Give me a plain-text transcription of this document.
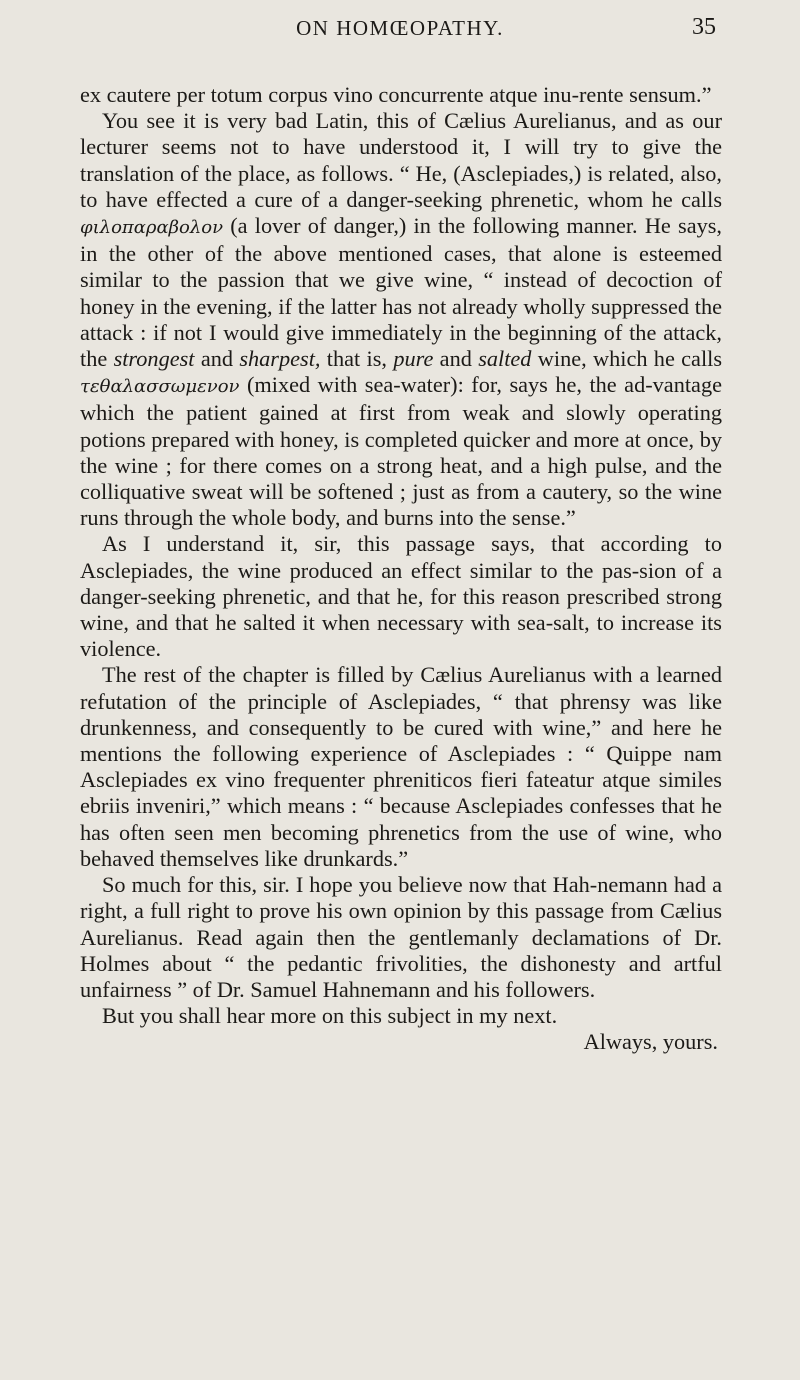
ON HOMŒOPATHY.	35

ex cautere per totum corpus vino concurrente atque inu-rente sensum.”

You see it is very bad Latin, this of Cælius Aurelianus, and as our lecturer seems not to have understood it, I will try to give the translation of the place, as follows. “ He, (Asclepiades,) is related, also, to have effected a cure of a danger-seeking phrenetic, whom he calls φιλοπαραβολον (a lover of danger,) in the following manner. He says, in the other of the above mentioned cases, that alone is esteemed similar to the passion that we give wine, “ instead of decoction of honey in the evening, if the latter has not already wholly suppressed the attack : if not I would give immediately in the beginning of the attack, the strongest and sharpest, that is, pure and salted wine, which he calls τεθαλασσωμενον (mixed with sea-water): for, says he, the ad-vantage which the patient gained at first from weak and slowly operating potions prepared with honey, is completed quicker and more at once, by the wine ; for there comes on a strong heat, and a high pulse, and the colliquative sweat will be softened ; just as from a cautery, so the wine runs through the whole body, and burns into the sense.”

As I understand it, sir, this passage says, that according to Asclepiades, the wine produced an effect similar to the pas-sion of a danger-seeking phrenetic, and that he, for this reason prescribed strong wine, and that he salted it when necessary with sea-salt, to increase its violence.

The rest of the chapter is filled by Cælius Aurelianus with a learned refutation of the principle of Asclepiades, “ that phrensy was like drunkenness, and consequently to be cured with wine,” and here he mentions the following experience of Asclepiades : “ Quippe nam Asclepiades ex vino frequenter phreniticos fieri fateatur atque similes ebriis inveniri,” which means : “ because Asclepiades confesses that he has often seen men becoming phrenetics from the use of wine, who behaved themselves like drunkards.”

So much for this, sir. I hope you believe now that Hah-nemann had a right, a full right to prove his own opinion by this passage from Cælius Aurelianus. Read again then the gentlemanly declamations of Dr. Holmes about “ the pedantic frivolities, the dishonesty and artful unfairness ” of Dr. Samuel Hahnemann and his followers.

But you shall hear more on this subject in my next.

Always, yours.
